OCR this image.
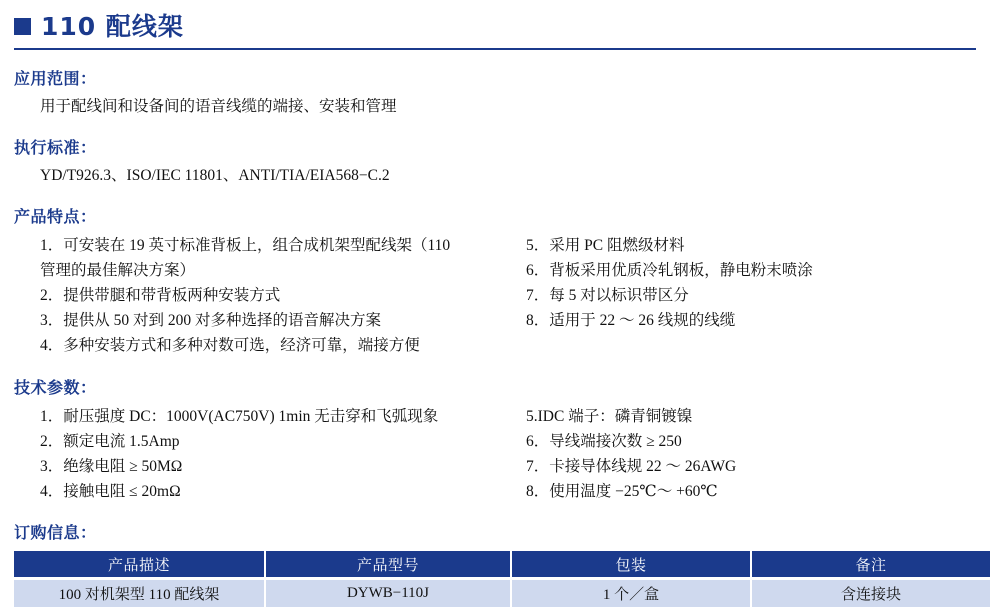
110 配线架
应用范围：
用于配线间和设备间的语音线缆的端接、安装和管理
执行标准：
YD/T926.3、ISO/IEC 11801、ANTI/TIA/EIA568−C.2
产品特点：
1．可安装在 19 英寸标准背板上，组合成机架型配线架（110
管理的最佳解决方案）
2．提供带腿和带背板两种安装方式
3．提供从 50 对到 200 对多种选择的语音解决方案
4．多种安装方式和多种对数可选，经济可靠，端接方便
5．采用 PC 阻燃级材料
6．背板采用优质冷轧钢板，静电粉末喷涂
7．每 5 对以标识带区分
8．适用于 22 ～ 26 线规的线缆
技术参数：
1．耐压强度 DC：1000V(AC750V) 1min 无击穿和飞弧现象
2．额定电流 1.5Amp
3．绝缘电阻 ≥ 50MΩ
4．接触电阻 ≤ 20mΩ
5.IDC 端子：磷青铜镀镍
6．导线端接次数 ≥ 250
7．卡接导体线规 22 ～ 26AWG
8．使用温度 −25℃～ +60℃
订购信息：
产品描述	产品型号	包装	备注

100 对机架型 110 配线架	DYWB−110J	1 个／盒	含连接块
